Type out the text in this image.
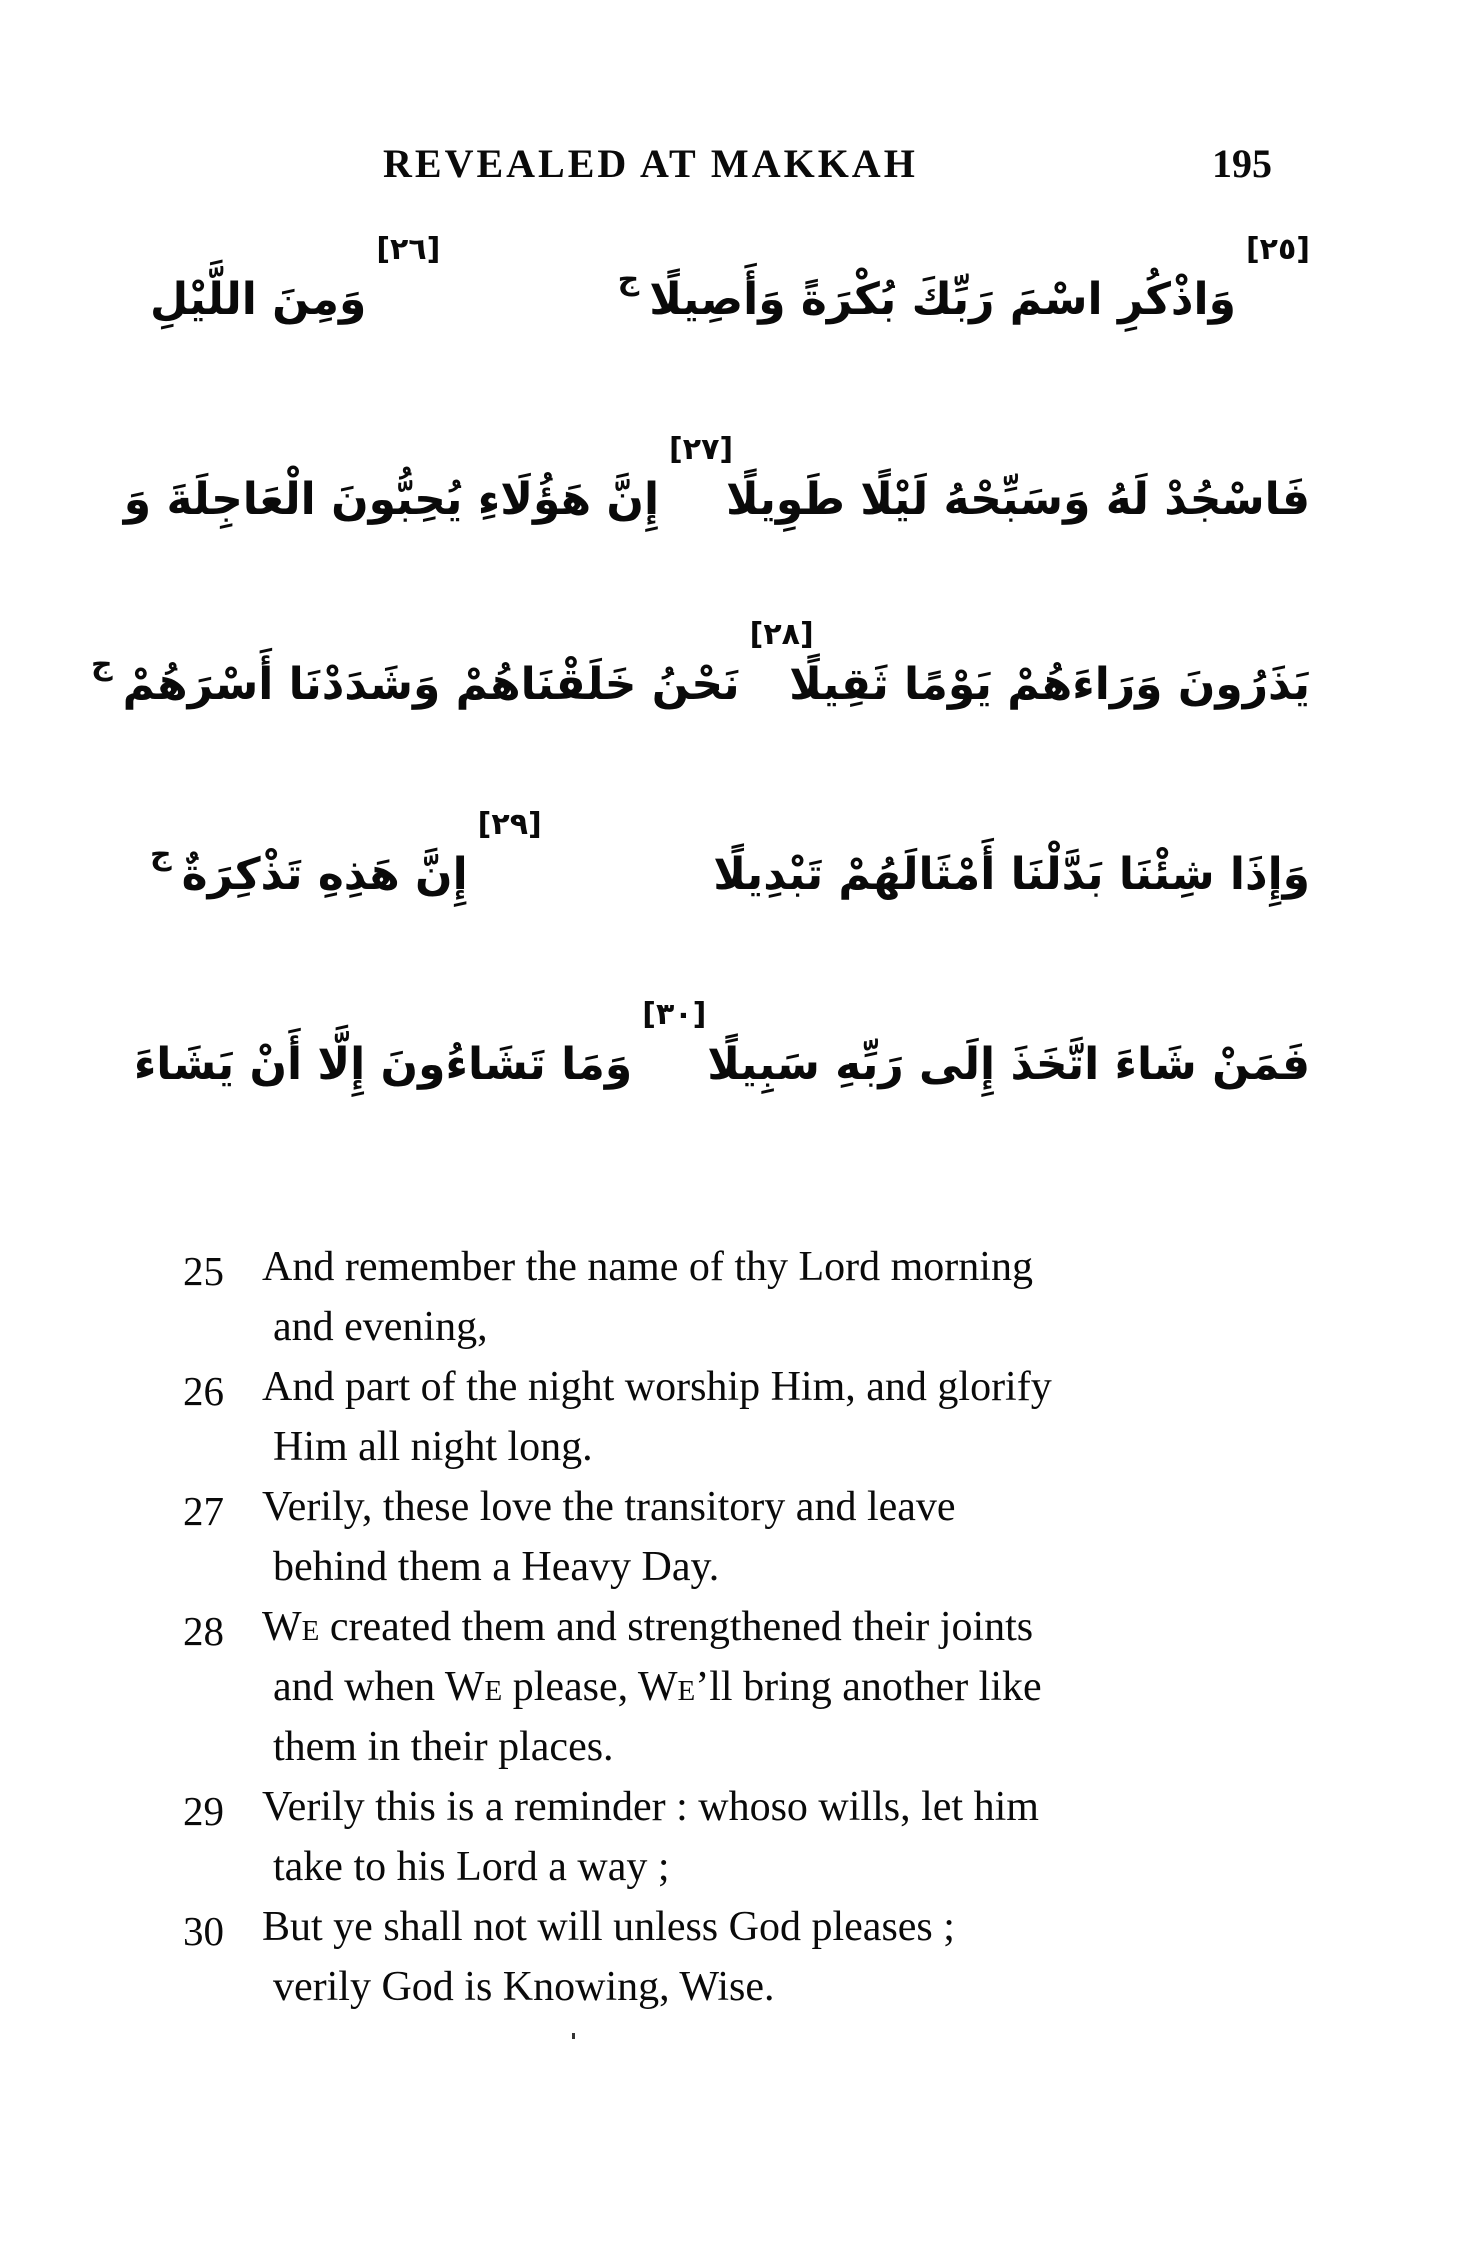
REVEALED AT MAKKAH	195
[٢٥]
وَاذْكُرِ اسْمَ رَبِّكَ بُكْرَةً وَأَصِيلًا
ج
[٢٦]
وَمِنَ اللَّيْلِ
فَاسْجُدْ لَهُ وَسَبِّحْهُ لَيْلًا طَوِيلًا
[٢٧]
إِنَّ هَؤُلَاءِ يُحِبُّونَ الْعَاجِلَةَ وَ
يَذَرُونَ وَرَاءَهُمْ يَوْمًا ثَقِيلًا
[٢٨]
نَحْنُ خَلَقْنَاهُمْ وَشَدَدْنَا أَسْرَهُمْ
ج
وَإِذَا شِئْنَا بَدَّلْنَا أَمْثَالَهُمْ تَبْدِيلًا
[٢٩]
إِنَّ هَذِهِ تَذْكِرَةٌ
ج
فَمَنْ شَاءَ اتَّخَذَ إِلَى رَبِّهِ سَبِيلًا
[٣٠]
وَمَا تَشَاءُونَ إِلَّا أَنْ يَشَاءَ
25 And remember the name of thy Lord morning
and evening,
26 And part of the night worship Him, and glorify
Him all night long.
27 Verily, these love the transitory and leave
behind them a Heavy Day.
28 WE created them and strengthened their joints
and when WE please, WE’ll bring another like
them in their places.
29 Verily this is a reminder : whoso wills, let him
take to his Lord a way ;
30 But ye shall not will unless God pleases ;
verily God is Knowing, Wise.
